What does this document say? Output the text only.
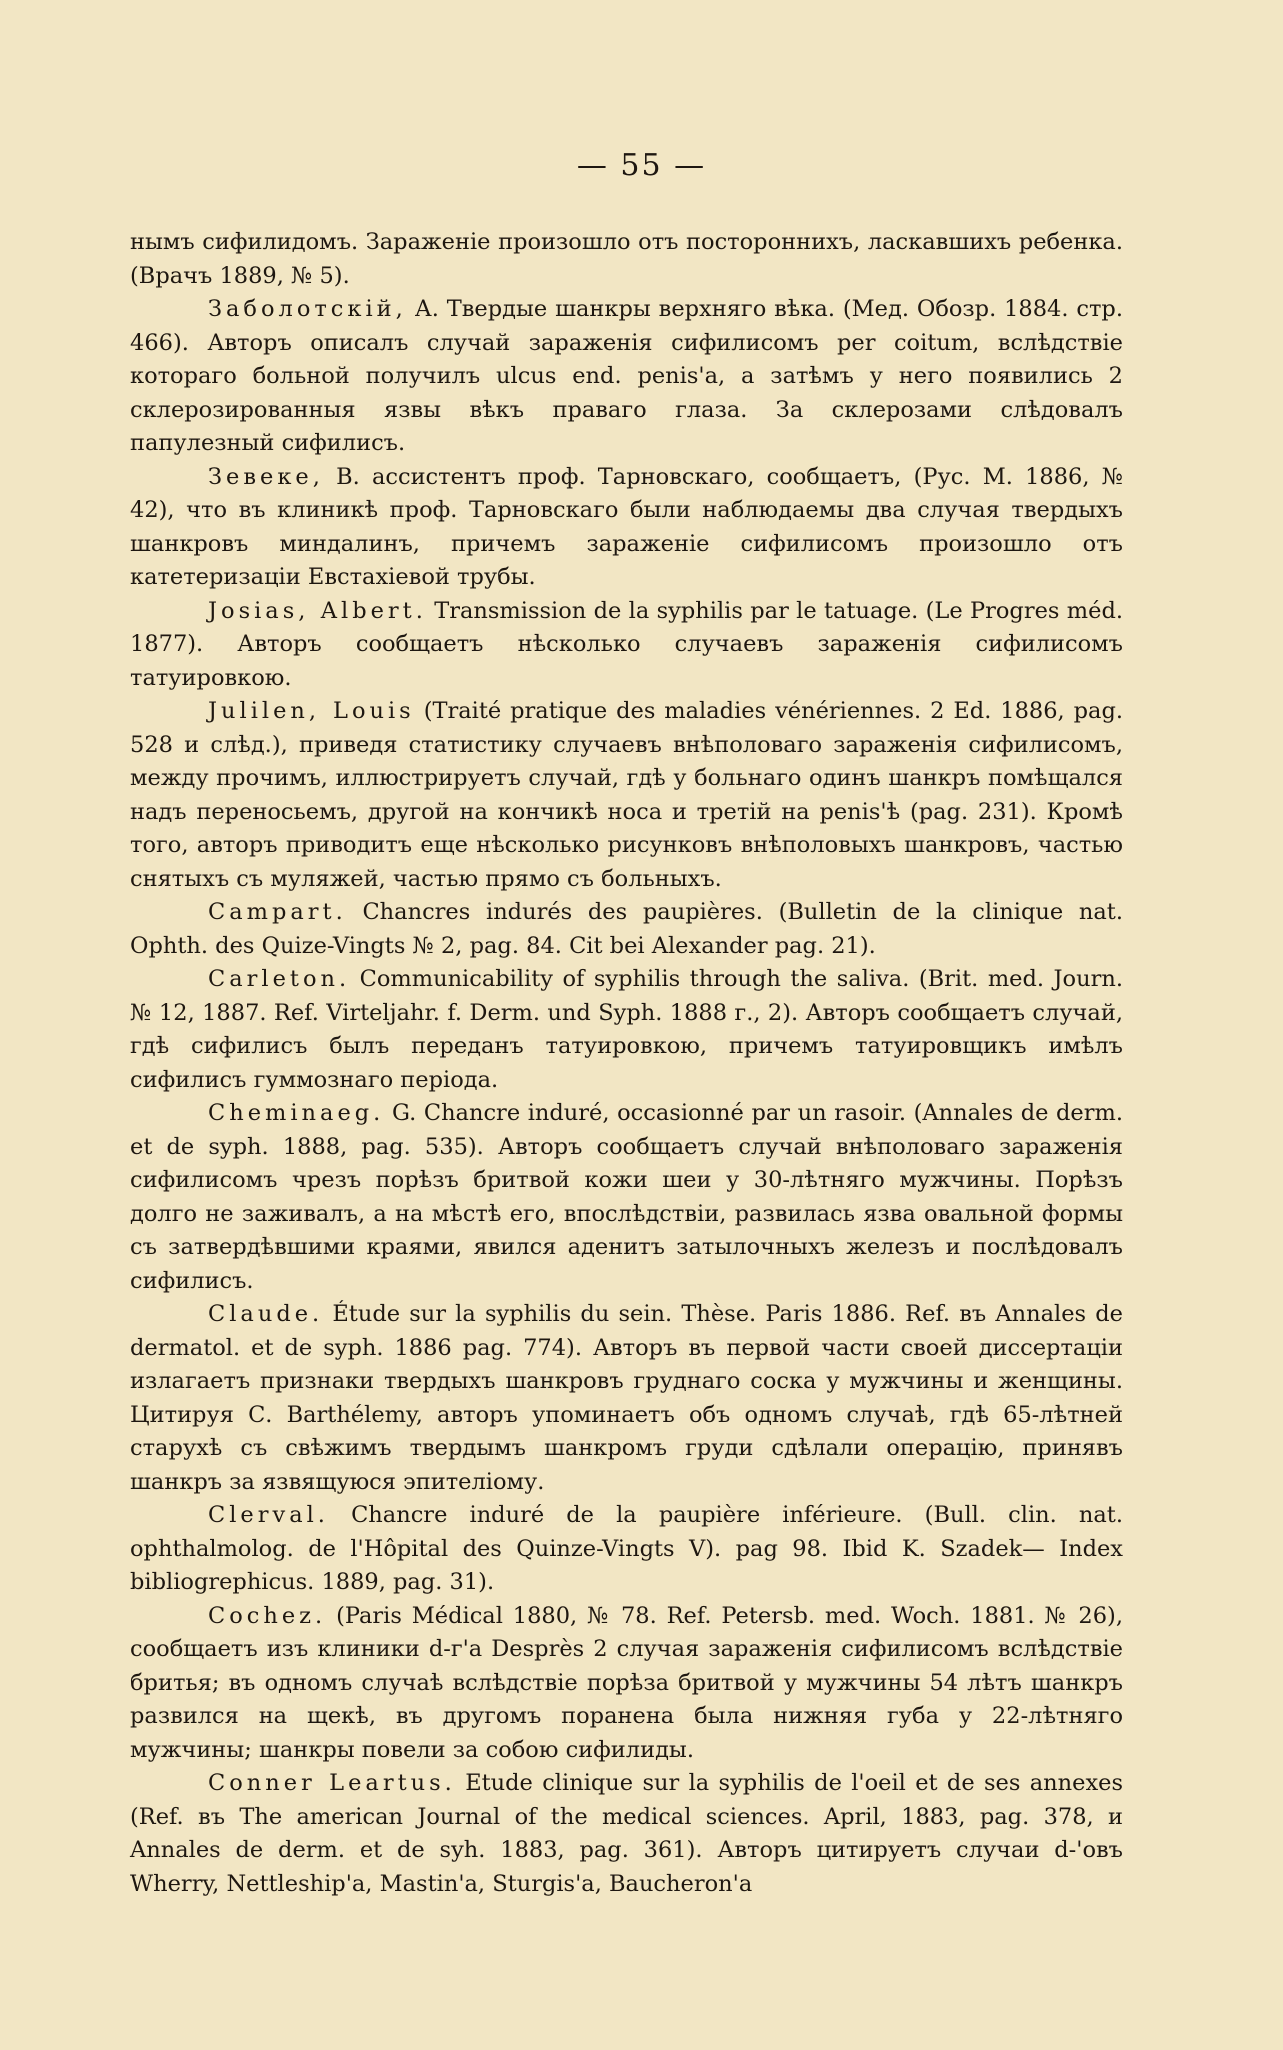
— 55 —

нымъ сифилидомъ. Зараженіе произошло отъ постороннихъ, ласкавшихъ ребенка. (Врачъ 1889, № 5).

Заболотскій, А. Твердые шанкры верхняго вѣка. (Мед. Обозр. 1884. стр. 466). Авторъ описалъ случай зараженія сифилисомъ per coitum, вслѣдствіе котораго больной получилъ ulcus end. penis'а, а затѣмъ у него появились 2 склерозированныя язвы вѣкъ праваго глаза. За склерозами слѣдовалъ папулезный сифилисъ.

Зевеке, В. ассистентъ проф. Тарновскаго, сообщаетъ, (Рус. М. 1886, № 42), что въ клиникѣ проф. Тарновскаго были наблюдаемы два случая твердыхъ шанкровъ миндалинъ, причемъ зараженіе сифилисомъ произошло отъ катетеризаціи Евстахіевой трубы.

Josias, Albert. Transmission de la syphilis par le tatuage. (Le Progres méd. 1877). Авторъ сообщаетъ нѣсколько случаевъ зараженія сифилисомъ татуировкою.

Julilen, Louis (Traité pratique des maladies vénériennes. 2 Ed. 1886, pag. 528 и слѣд.), приведя статистику случаевъ внѣполоваго зараженія сифилисомъ, между прочимъ, иллюстрируетъ случай, гдѣ у больнаго одинъ шанкръ помѣщался надъ переносьемъ, другой на кончикѣ носа и третій на penis'ѣ (pag. 231). Кромѣ того, авторъ приводитъ еще нѣсколько рисунковъ внѣполовыхъ шанкровъ, частью снятыхъ съ муляжей, частью прямо съ больныхъ.

Campart. Chancres indurés des paupières. (Bulletin de la clinique nat. Ophth. des Quize-Vingts № 2, pag. 84. Cit bei Alexander pag. 21).

Carleton. Communicability of syphilis through the saliva. (Brit. med. Journ. № 12, 1887. Ref. Virteljahr. f. Derm. und Syph. 1888 г., 2). Авторъ сообщаетъ случай, гдѣ сифилисъ былъ переданъ татуировкою, причемъ татуировщикъ имѣлъ сифилисъ гуммознаго періода.

Cheminaeg. G. Chancre induré, occasionné par un rasoir. (Annales de derm. et de syph. 1888, pag. 535). Авторъ сообщаетъ случай внѣполоваго зараженія сифилисомъ чрезъ порѣзъ бритвой кожи шеи у 30-лѣтняго мужчины. Порѣзъ долго не заживалъ, а на мѣстѣ его, впослѣдствіи, развилась язва овальной формы съ затвердѣвшими краями, явился аденитъ затылочныхъ железъ и послѣдовалъ сифилисъ.

Claude. Étude sur la syphilis du sein. Thèse. Paris 1886. Ref. въ Annales de dermatol. et de syph. 1886 pag. 774). Авторъ въ первой части своей диссертаціи излагаетъ признаки твердыхъ шанкровъ груднаго соска у мужчины и женщины. Цитируя С. Barthélemy, авторъ упоминаетъ объ одномъ случаѣ, гдѣ 65-лѣтней старухѣ съ свѣжимъ твердымъ шанкромъ груди сдѣлали операцію, принявъ шанкръ за язвящуюся эпителіому.

Clerval. Chancre induré de la paupière inférieure. (Bull. clin. nat. ophthalmolog. de l'Hôpital des Quinze-Vingts V). pag 98. Ibid K. Szadek— Index bibliogrephicus. 1889, pag. 31).

Cochez. (Paris Médical 1880, № 78. Ref. Petersb. med. Woch. 1881. № 26), сообщаетъ изъ клиники d-г'а Desprès 2 случая зараженія сифилисомъ вслѣдствіе бритья; въ одномъ случаѣ вслѣдствіе порѣза бритвой у мужчины 54 лѣтъ шанкръ развился на щекѣ, въ другомъ поранена была нижняя губа у 22-лѣтняго мужчины; шанкры повели за собою сифилиды.

Conner Leartus. Etude clinique sur la syphilis de l'oeil et de ses annexes (Ref. въ The americаn Journal of the medical sciences. April, 1883, pag. 378, и Annales de derm. et de syh. 1883, pag. 361). Авторъ цитируетъ случаи d-'овъ Wherry, Nettleship'а, Mastin'а, Sturgis'а, Baucheron'а
